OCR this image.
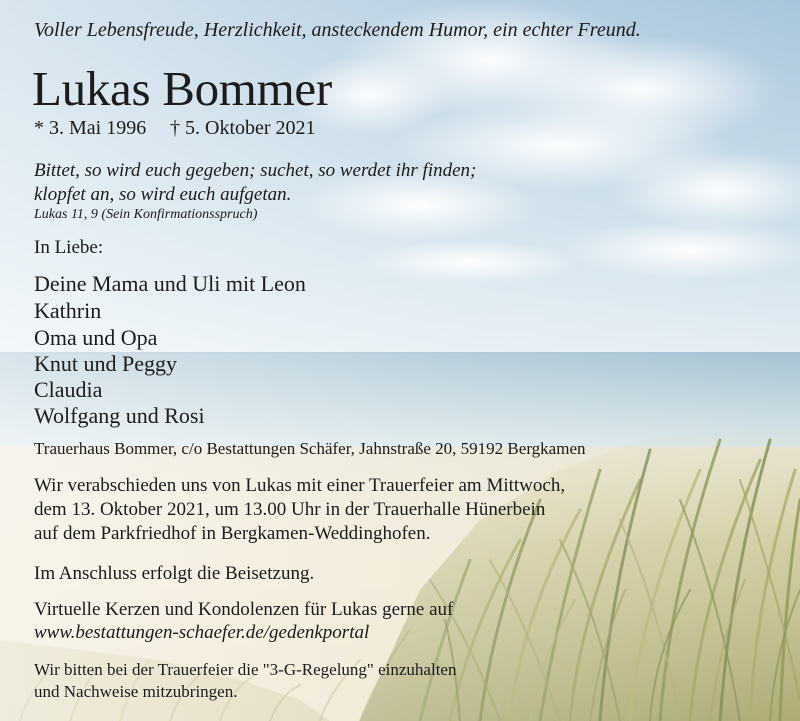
Voller Lebensfreude, Herzlichkeit, ansteckendem Humor, ein echter Freund.

Lukas Bommer

* 3. Mai 1996 † 5. Oktober 2021

Bittet, so wird euch gegeben; suchet, so werdet ihr finden;

klopfet an, so wird euch aufgetan.

Lukas 11, 9 (Sein Konfirmationsspruch)

In Liebe:

Deine Mama und Uli mit Leon

Kathrin

Oma und Opa

Knut und Peggy

Claudia

Wolfgang und Rosi

Trauerhaus Bommer, c/o Bestattungen Schäfer, Jahnstraße 20, 59192 Bergkamen

Wir verabschieden uns von Lukas mit einer Trauerfeier am Mittwoch,

dem 13. Oktober 2021, um 13.00 Uhr in der Trauerhalle Hünerbein

auf dem Parkfriedhof in Bergkamen-Weddinghofen.

Im Anschluss erfolgt die Beisetzung.

Virtuelle Kerzen und Kondolenzen für Lukas gerne auf

www.bestattungen-schaefer.de/gedenkportal

Wir bitten bei der Trauerfeier die "3-G-Regelung" einzuhalten

und Nachweise mitzubringen.
